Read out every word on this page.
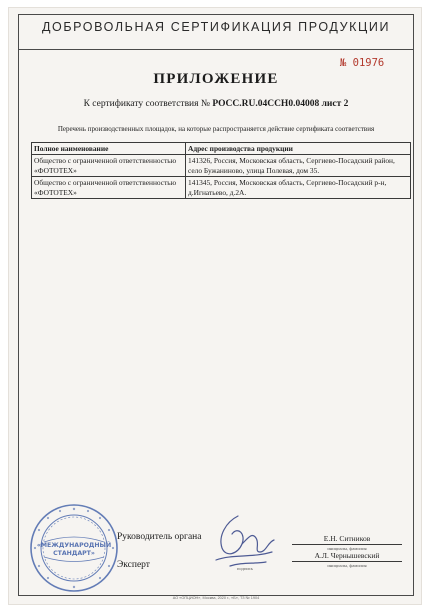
ДОБРОВОЛЬНАЯ СЕРТИФИКАЦИЯ ПРОДУКЦИИ
№ 01976
ПРИЛОЖЕНИЕ
К сертификату соответствия № POCC.RU.04CCH0.04008 лист 2
Перечень производственных площадок, на которые распространяется действие сертификата соответствия
Полное наименование	Адрес производства продукции
Общество с ограниченной ответственностью «ФОТОТЕХ»	141326, Россия, Московская область, Сергиево-Посадский район, село Бужаниново, улица Полевая, дом 35.
Общество с ограниченной ответственностью «ФОТОТЕХ»	141345, Россия, Московская область, Сергиево-Посадский р-н, д.Игнатьево, д.2А.
«МЕЖДУНАРОДНЫЙ
СТАНДАРТ»
Руководитель органа
Эксперт
Е.Н. Ситников
инициалы, фамилия
А.Л. Чернышевский
инициалы, фамилия
подпись
АО «ОПЦИОН», Москва, 2020 г., «Б», ТЗ № 1904
